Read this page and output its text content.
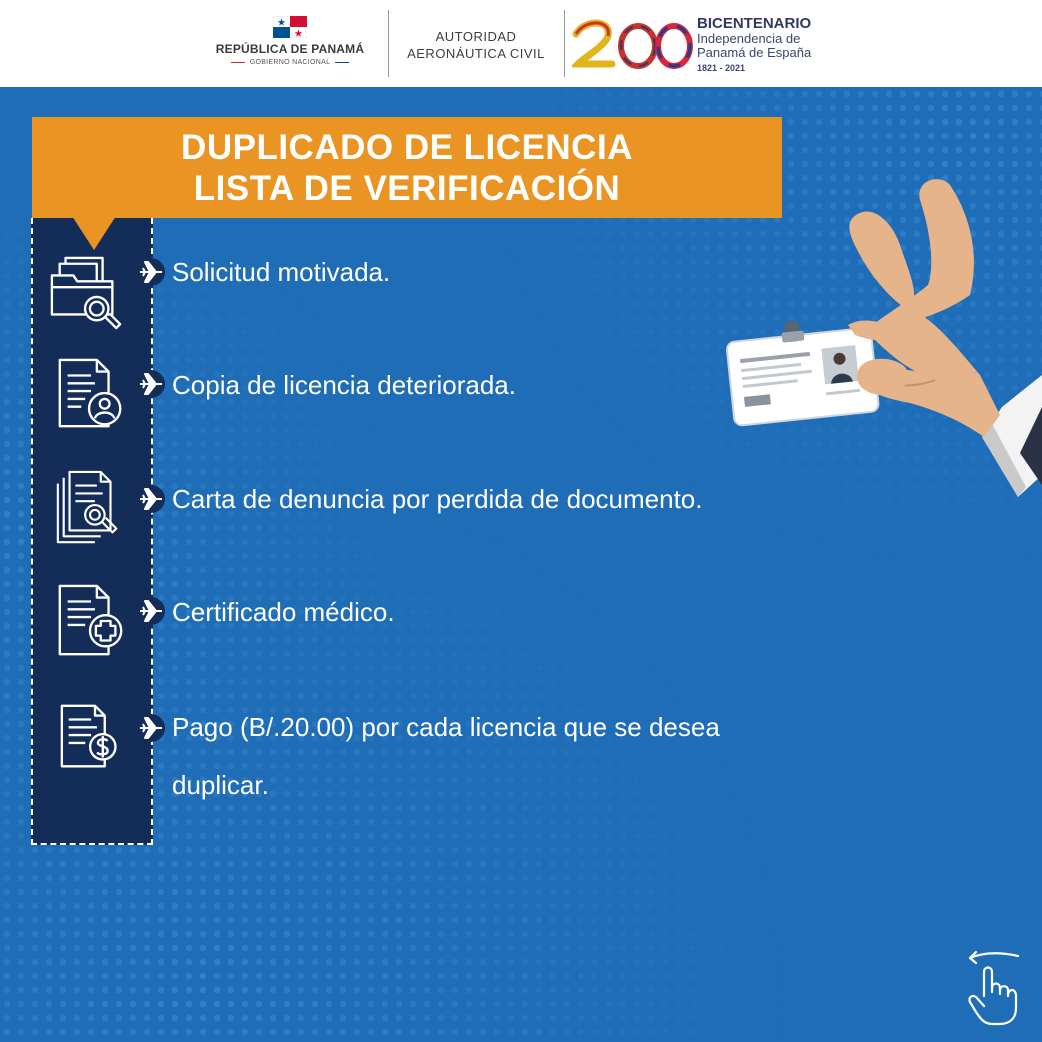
REPÚBLICA DE PANAMÁ
GOBIERNO NACIONAL
AUTORIDAD
AERONÁUTICA CIVIL
BICENTENARIO
Independencia de
Panamá de España
1821 - 2021
DUPLICADO DE LICENCIA
LISTA DE VERIFICACIÓN
Solicitud motivada.
Copia de licencia deteriorada.
Carta de denuncia por perdida de documento.
Certificado médico.
Pago (B/.20.00) por cada licencia que se desea
duplicar.
